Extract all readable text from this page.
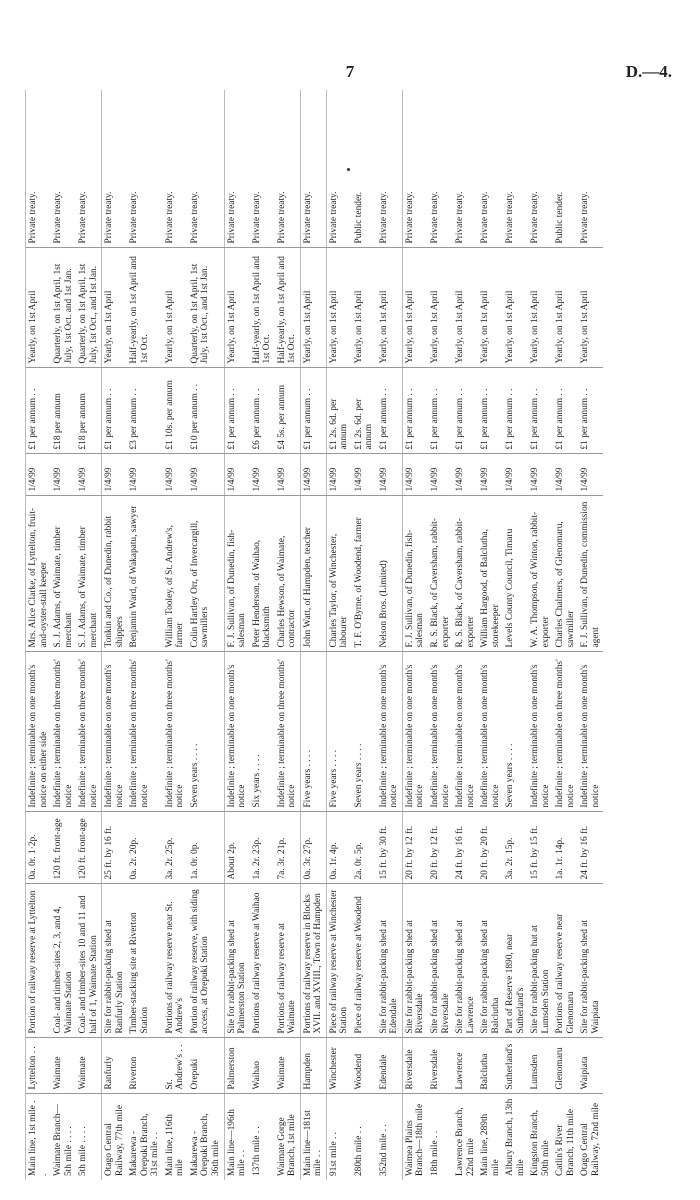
7	D.—4.
Main line, 1st mile . .	Lyttelton . .	Portion of railway reserve at Lyttelton	0a. 0r. 1·2p.	Indefinite ; terminable on one month's notice on either side	Mrs. Alice Clarke, of Lyttelton, fruit-and-oyster-stall keeper	1/4/99	£1 per annum . .	Yearly, on 1st April	Private treaty.
Waimate Branch—5th mile . . . .	Waimate	Coal- and timber-sites 2, 3, and 4, Waimate Station	120 ft. front-age	Indefinite ; terminable on three months' notice	S. J. Adams, of Waimate, timber merchant	1/4/99	£18 per annum	Quarterly, on 1st April, 1st July, 1st Oct. and 1st Jan.	Private treaty.
5th mile . . . .	Waimate	Coal- and timber-sites 10 and 11 and half of 1, Waimate Station	120 ft. front-age	Indefinite ; terminable on three months' notice	S. J. Adams, of Waimate, timber merchant	1/4/99	£18 per annum	Quarterly, on 1st April, 1st July, 1st Oct., and 1st Jan.	Private treaty.
Otago Central Railway, 77th mile	Ranfurly	Site for rabbit-packing shed at Ranfurly Station	25 ft. by 16 ft.	Indefinite ; terminable on one month's notice	Tonkin and Co., of Dunedin, rabbit shippers	1/4/99	£1 per annum . .	Yearly, on 1st April	Private treaty.
Makarewa - Orepuki Branch, 31st mile . .	Riverton	Timber-stacking site at Riverton Station	0a. 2r. 20p.	Indefinite ; terminable on three months' notice	Benjamin Ward, of Wakapatu, sawyer	1/4/99	£3 per annum . .	Half-yearly, on 1st April and 1st Oct.	Private treaty.
Main line, 116th mile	St. Andrew's . .	Portions of railway reserve near St. Andrew's	3a. 2r. 25p.	Indefinite ; terminable on three months' notice	William Tooley, of St. Andrew's, farmer	1/4/99	£1 10s. per annum	Yearly, on 1st April	Private treaty.
Makarewa - Orepuki Branch, 36th mile	Orepuki	Portion of railway reserve, with siding access, at Orepuki Station	1a. 0r. 0p.	Seven years . . . .	Colin Hartley Orr, of Invercargill, sawmillers	1/4/99	£10 per annum . .	Quarterly, on 1st April, 1st July, 1st Oct., and 1st Jan.	Private treaty.
Main line—196th mile . .	Palmerston	Site for rabbit-packing shed at Palmerston Station	About 2p.	Indefinite ; terminable on one month's notice	F. J. Sullivan, of Dunedin, fish-salesman	1/4/99	£1 per annum . .	Yearly, on 1st April	Private treaty.
137th mile . .	Waihao	Portions of railway reserve at Waihao	1a. 2r. 23p.	Six years . . . .	Peter Henderson, of Waihao, blacksmith	1/4/99	£6 per annum . .	Half-yearly, on 1st April and 1st Oct.	Private treaty.
Waimate Gorge Branch, 1st mile	Waimate	Portions of railway reserve at Waimate	7a. 3r. 21p.	Indefinite ; terminable on three months' notice	Charles Hewson, of Waimate, contractor	1/4/99	£4 5s. per annum	Half-yearly, on 1st April and 1st Oct.	Private treaty.
Main line—181st mile . .	Hampden	Portions of railway reserve in Blocks XVII. and XVIII., Town of Hampden	0a. 3r. 27p.	Five years . . . .	John Watt, of Hampden, teacher	1/4/99	£1 per annum . .	Yearly, on 1st April	Private treaty.
91st mile . .	Winchester	Piece of railway reserve at Winchester Station	0a. 1r. 4p.	Five years . . . .	Charles Taylor, of Winchester, labourer	1/4/99	£1 2s. 6d. per annum	Yearly, on 1st April	Private treaty.
280th mile . .	Woodend	Piece of railway reserve at Woodend	2a. 0r. 5p.	Seven years . . . .	T. F. O'Byrne, of Woodend, farmer	1/4/99	£1 2s. 6d. per annum	Yearly, on 1st April	Public tender.
352nd mile . .	Edendale	Site for rabbit-packing shed at Edendale	15 ft. by 30 ft.	Indefinite ; terminable on one month's notice	Nelson Bros. (Limited)	1/4/99	£1 per annum . .	Yearly, on 1st April	Private treaty.
Waimea Plains Branch—18th mile	Riversdale	Site for rabbit-packing shed at Riversdale	20 ft. by 12 ft.	Indefinite ; terminable on one month's notice	F. J. Sullivan, of Dunedin, fish-salesman	1/4/99	£1 per annum . .	Yearly, on 1st April	Private treaty.
18th mile . .	Riversdale	Site for rabbit-packing shed at Riversdale	20 ft. by 12 ft.	Indefinite ; terminable on one month's notice	R. S. Black, of Caversham, rabbit-exporter	1/4/99	£1 per annum . .	Yearly, on 1st April	Private treaty.
Lawrence Branch, 22nd mile	Lawrence	Site for rabbit-packing shed at Lawrence	24 ft. by 16 ft.	Indefinite ; terminable on one month's notice	R. S. Black, of Caversham, rabbit-exporter	1/4/99	£1 per annum . .	Yearly, on 1st April	Private treaty.
Main line, 289th mile	Balclutha	Site for rabbit-packing shed at Balclutha	20 ft. by 20 ft.	Indefinite ; terminable on one month's notice	William Hargood, of Balclutha, storekeeper	1/4/99	£1 per annum . .	Yearly, on 1st April	Private treaty.
Albury Branch, 13th mile	Sutherland's	Part of Reserve 1890, near Sutherland's	3a. 2r. 15p.	Seven years . . . .	Levels County Council, Timaru	1/4/99	£1 per annum . .	Yearly, on 1st April	Private treaty.
Kingston Branch, 50th mile	Lumsden	Site for rabbit-packing hut at Lumsden Station	15 ft. by 15 ft.	Indefinite ; terminable on one month's notice	W. A. Thompson, of Winton, rabbit-exporter	1/4/99	£1 per annum . .	Yearly, on 1st April	Private treaty.
Catlin's River Branch, 11th mile	Glenomaru	Portions of railway reserve near Glenomaru	1a. 1r. 14p.	Indefinite ; terminable on three months' notice	Charles Chalmers, of Glenomaru, sawmiller	1/4/99	£1 per annum . .	Yearly, on 1st April	Public tender.
Otago Central Railway, 72nd mile	Waipiata	Site for rabbit-packing shed at Waipiata	24 ft. by 16 ft.	Indefinite ; terminable on one month's notice	F. J. Sullivan, of Dunedin, commission agent	1/4/99	£1 per annum . .	Yearly, on 1st April	Private treaty.
